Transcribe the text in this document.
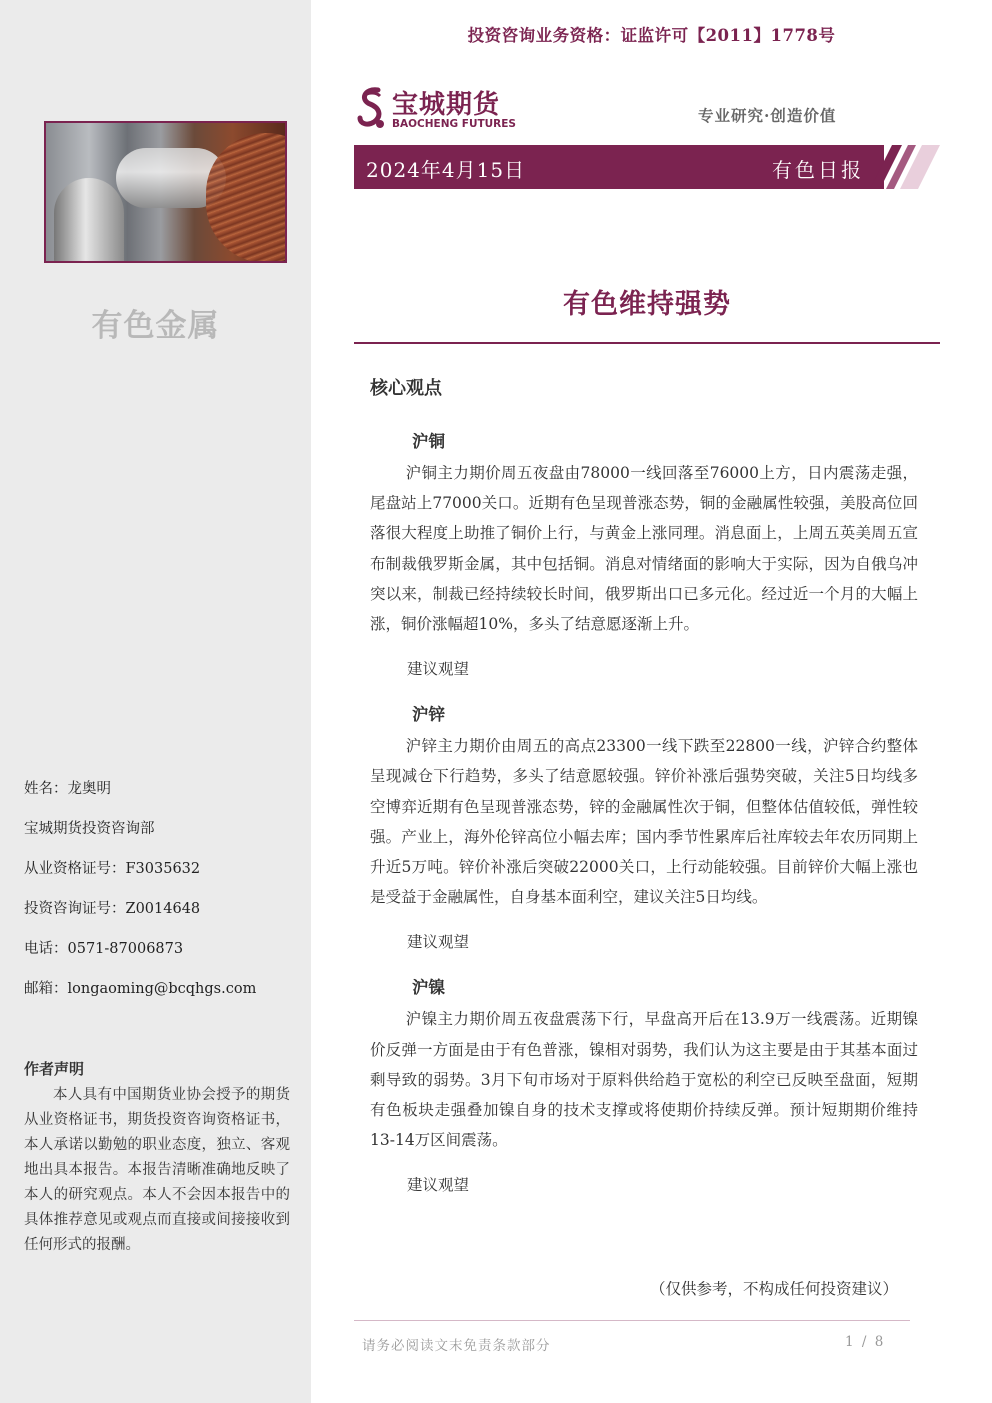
有色金属
姓名：龙奥明
宝城期货投资咨询部
从业资格证号：F3035632
投资咨询证号：Z0014648
电话：0571-87006873
邮箱：longaoming@bcqhgs.com
作者声明
本人具有中国期货业协会授予的期货从业资格证书，期货投资咨询资格证书，本人承诺以勤勉的职业态度，独立、客观地出具本报告。本报告清晰准确地反映了本人的研究观点。本人不会因本报告中的具体推荐意见或观点而直接或间接接收到任何形式的报酬。
投资咨询业务资格：证监许可【2011】1778号
宝城期货
BAOCHENG FUTURES	专业研究·创造价值
2024年4月15日	有色日报
有色维持强势
核心观点
沪铜
沪铜主力期价周五夜盘由78000一线回落至76000上方，日内震荡走强，尾盘站上77000关口。近期有色呈现普涨态势，铜的金融属性较强，美股高位回落很大程度上助推了铜价上行，与黄金上涨同理。消息面上，上周五英美周五宣布制裁俄罗斯金属，其中包括铜。消息对情绪面的影响大于实际，因为自俄乌冲突以来，制裁已经持续较长时间，俄罗斯出口已多元化。经过近一个月的大幅上涨，铜价涨幅超10%，多头了结意愿逐渐上升。
建议观望
沪锌
沪锌主力期价由周五的高点23300一线下跌至22800一线，沪锌合约整体呈现减仓下行趋势，多头了结意愿较强。锌价补涨后强势突破，关注5日均线多空博弈近期有色呈现普涨态势，锌的金融属性次于铜，但整体估值较低，弹性较强。产业上，海外伦锌高位小幅去库；国内季节性累库后社库较去年农历同期上升近5万吨。锌价补涨后突破22000关口，上行动能较强。目前锌价大幅上涨也是受益于金融属性，自身基本面利空，建议关注5日均线。
建议观望
沪镍
沪镍主力期价周五夜盘震荡下行，早盘高开后在13.9万一线震荡。近期镍价反弹一方面是由于有色普涨，镍相对弱势，我们认为这主要是由于其基本面过剩导致的弱势。3月下旬市场对于原料供给趋于宽松的利空已反映至盘面，短期有色板块走强叠加镍自身的技术支撑或将使期价持续反弹。预计短期期价维持13-14万区间震荡。
建议观望
（仅供参考，不构成任何投资建议）
请务必阅读文末免责条款部分	1 / 8
